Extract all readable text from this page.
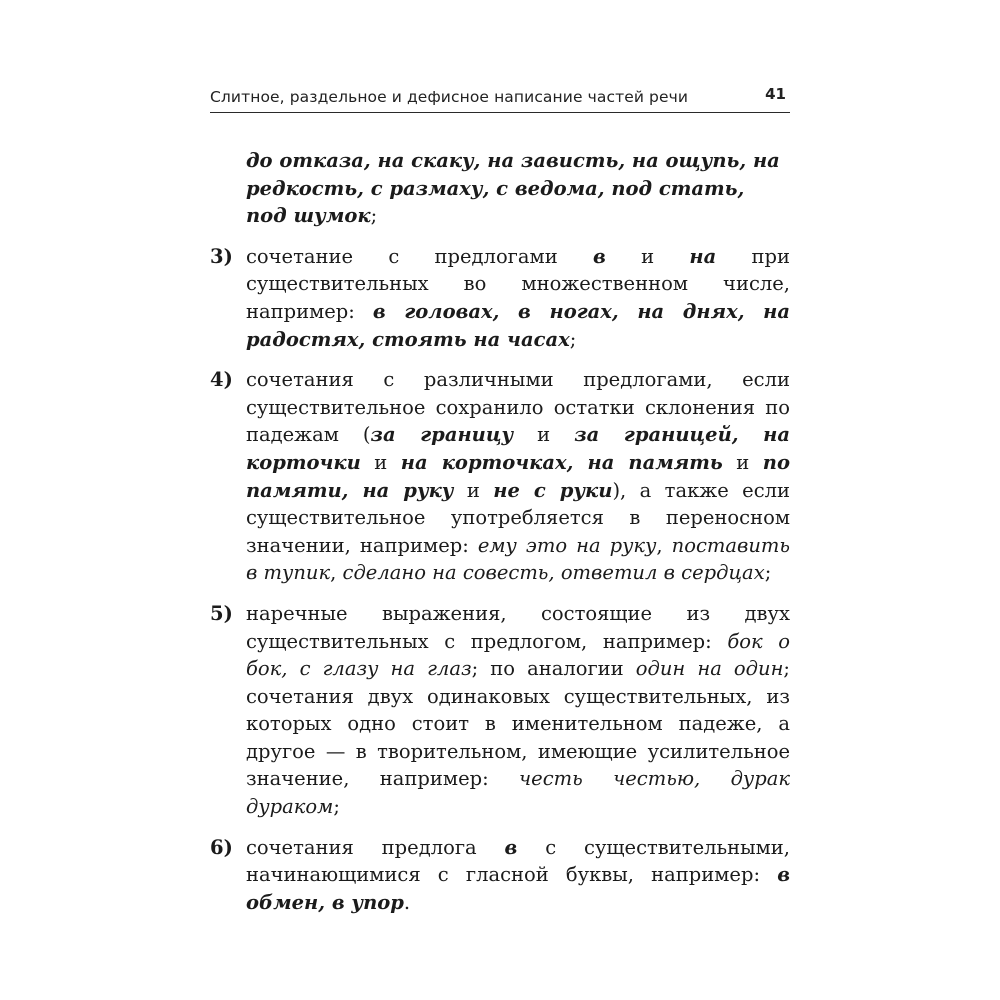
Слитное, раздельное и дефисное написание частей речи	41

до отказа, на скаку, на зависть, на ощупь, на редкость, с размаху, с ведома, под стать, под шумок;

3) сочетание с предлогами в и на при существительных во множественном числе, например: в головах, в ногах, на днях, на радостях, стоять на часах;

4) сочетания с различными предлогами, если существительное сохранило остатки склонения по падежам (за границу и за границей, на корточки и на корточках, на память и по памяти, на руку и не с руки), а также если существительное употребляется в переносном значении, например: ему это на руку, поставить в тупик, сделано на совесть, ответил в сердцах;

5) наречные выражения, состоящие из двух существительных с предлогом, например: бок о бок, с глазу на глаз; по аналогии один на один; сочетания двух одинаковых существительных, из которых одно стоит в именительном падеже, а другое — в творительном, имеющие усилительное значение, например: честь честью, дурак дураком;

6) сочетания предлога в с существительными, начинающимися с гласной буквы, например: в обмен, в упор.
